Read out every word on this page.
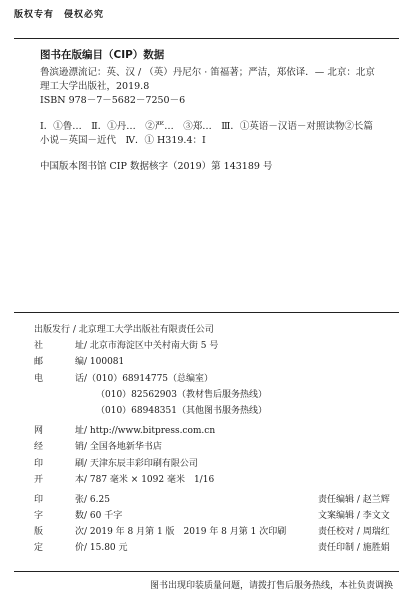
版权专有　侵权必究
图书在版编目（CIP）数据
鲁滨逊漂流记：英、汉 / （英）丹尼尔 · 笛福著；严洁，郑依译．— 北京：北京
理工大学出版社，2019.8
ISBN 978－7－5682－7250－6
Ⅰ．①鲁…　Ⅱ．①丹…　②严…　③郑…　Ⅲ．①英语－汉语－对照读物②长篇小说－英国－近代　Ⅳ．① H319.4：Ⅰ
中国版本图书馆 CIP 数据核字（2019）第 143189 号
出版发行 / 北京理工大学出版社有限责任公司
社	址 / 北京市海淀区中关村南大街 5 号
邮	编 / 100081
电	话 /（010）68914775（总编室）
（010）82562903（教材售后服务热线）
（010）68948351（其他图书服务热线）
网	址 / http://www.bitpress.com.cn
经	销 / 全国各地新华书店
印	刷 / 天津东辰丰彩印刷有限公司
开	本 / 787 毫米 × 1092 毫米　1/16
印	张 / 6.25	责任编辑 / 赵兰辉
字	数 / 60 千字	文案编辑 / 李文文
版	次 / 2019 年 8 月第 1 版　2019 年 8 月第 1 次印刷	责任校对 / 周瑞红
定	价 / 15.80 元	责任印制 / 施胜娟
图书出现印装质量问题，请拨打售后服务热线，本社负责调换
